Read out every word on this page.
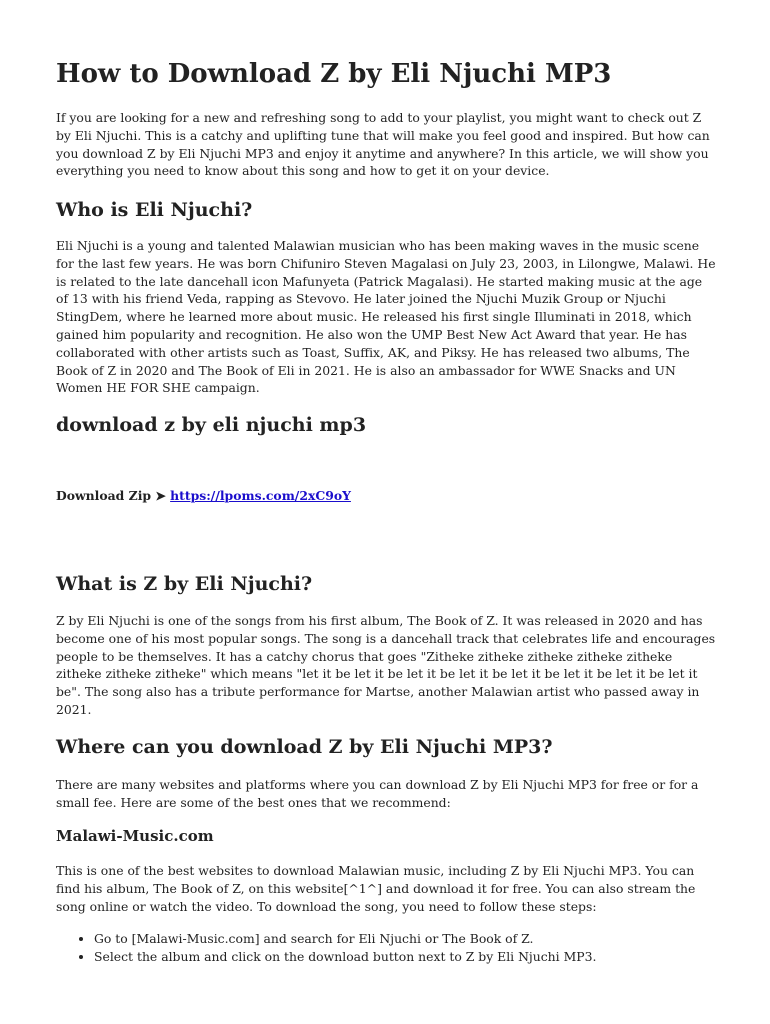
How to Download Z by Eli Njuchi MP3

If you are looking for a new and refreshing song to add to your playlist, you might want to check out Z by Eli Njuchi. This is a catchy and uplifting tune that will make you feel good and inspired. But how can you download Z by Eli Njuchi MP3 and enjoy it anytime and anywhere? In this article, we will show you everything you need to know about this song and how to get it on your device.

Who is Eli Njuchi?

Eli Njuchi is a young and talented Malawian musician who has been making waves in the music scene for the last few years. He was born Chifuniro Steven Magalasi on July 23, 2003, in Lilongwe, Malawi. He is related to the late dancehall icon Mafunyeta (Patrick Magalasi). He started making music at the age of 13 with his friend Veda, rapping as Stevovo. He later joined the Njuchi Muzik Group or Njuchi StingDem, where he learned more about music. He released his first single Illuminati in 2018, which gained him popularity and recognition. He also won the UMP Best New Act Award that year. He has collaborated with other artists such as Toast, Suffix, AK, and Piksy. He has released two albums, The Book of Z in 2020 and The Book of Eli in 2021. He is also an ambassador for WWE Snacks and UN Women HE FOR SHE campaign.

download z by eli njuchi mp3
Download Zip ➤ https://lpoms.com/2xC9oY
What is Z by Eli Njuchi?

Z by Eli Njuchi is one of the songs from his first album, The Book of Z. It was released in 2020 and has become one of his most popular songs. The song is a dancehall track that celebrates life and encourages people to be themselves. It has a catchy chorus that goes "Zitheke zitheke zitheke zitheke zitheke zitheke zitheke zitheke" which means "let it be let it be let it be let it be let it be let it be let it be let it be". The song also has a tribute performance for Martse, another Malawian artist who passed away in 2021.

Where can you download Z by Eli Njuchi MP3?

There are many websites and platforms where you can download Z by Eli Njuchi MP3 for free or for a small fee. Here are some of the best ones that we recommend:

Malawi-Music.com

This is one of the best websites to download Malawian music, including Z by Eli Njuchi MP3. You can find his album, The Book of Z, on this website[^1^] and download it for free. You can also stream the song online or watch the video. To download the song, you need to follow these steps:

• Go to [Malawi-Music.com] and search for Eli Njuchi or The Book of Z.
• Select the album and click on the download button next to Z by Eli Njuchi MP3.
